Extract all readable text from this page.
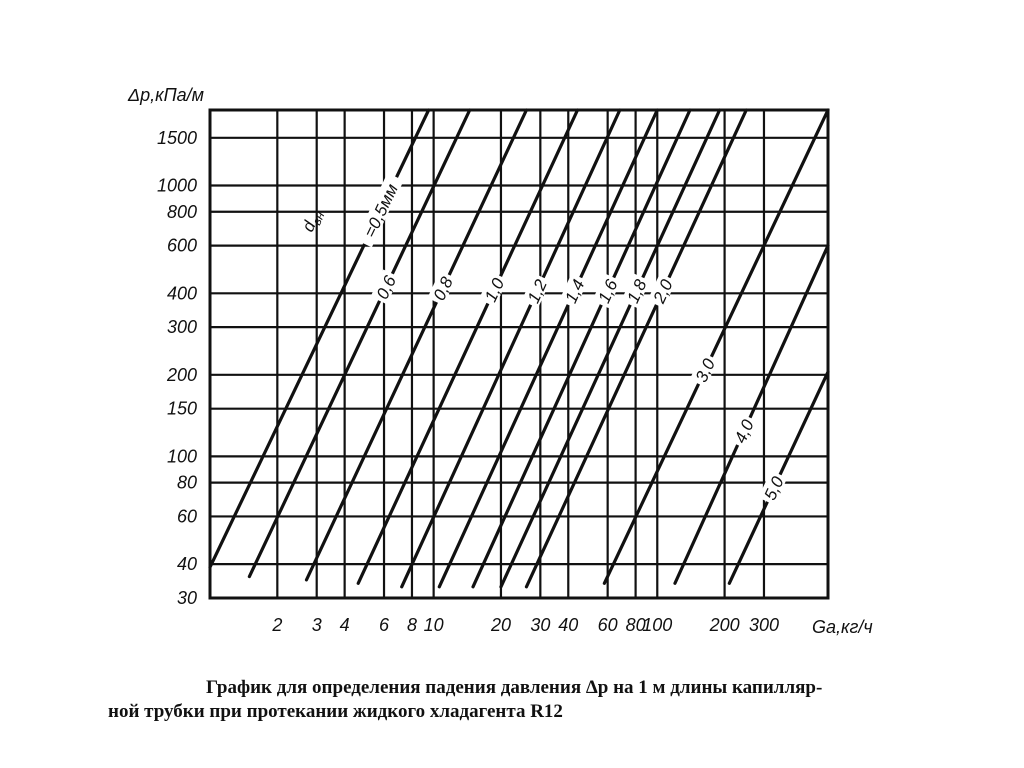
1500
1000
800
600
400
300
200
150
100
80
60
40
30
2 3 4 6 8 10	20 30 40 60 80
100 200 300
=0,5мм
0,6 0,8 1,0 1,2 1,4 1,6 1,8 2,0
3,0
4,0
5,0
Δp,кПа/м
Ga,кг/ч
$d_{вн}$
График для определения падения давления Δp на 1 м длины капилляр-
ной трубки при протекании жидкого хладагента R12
